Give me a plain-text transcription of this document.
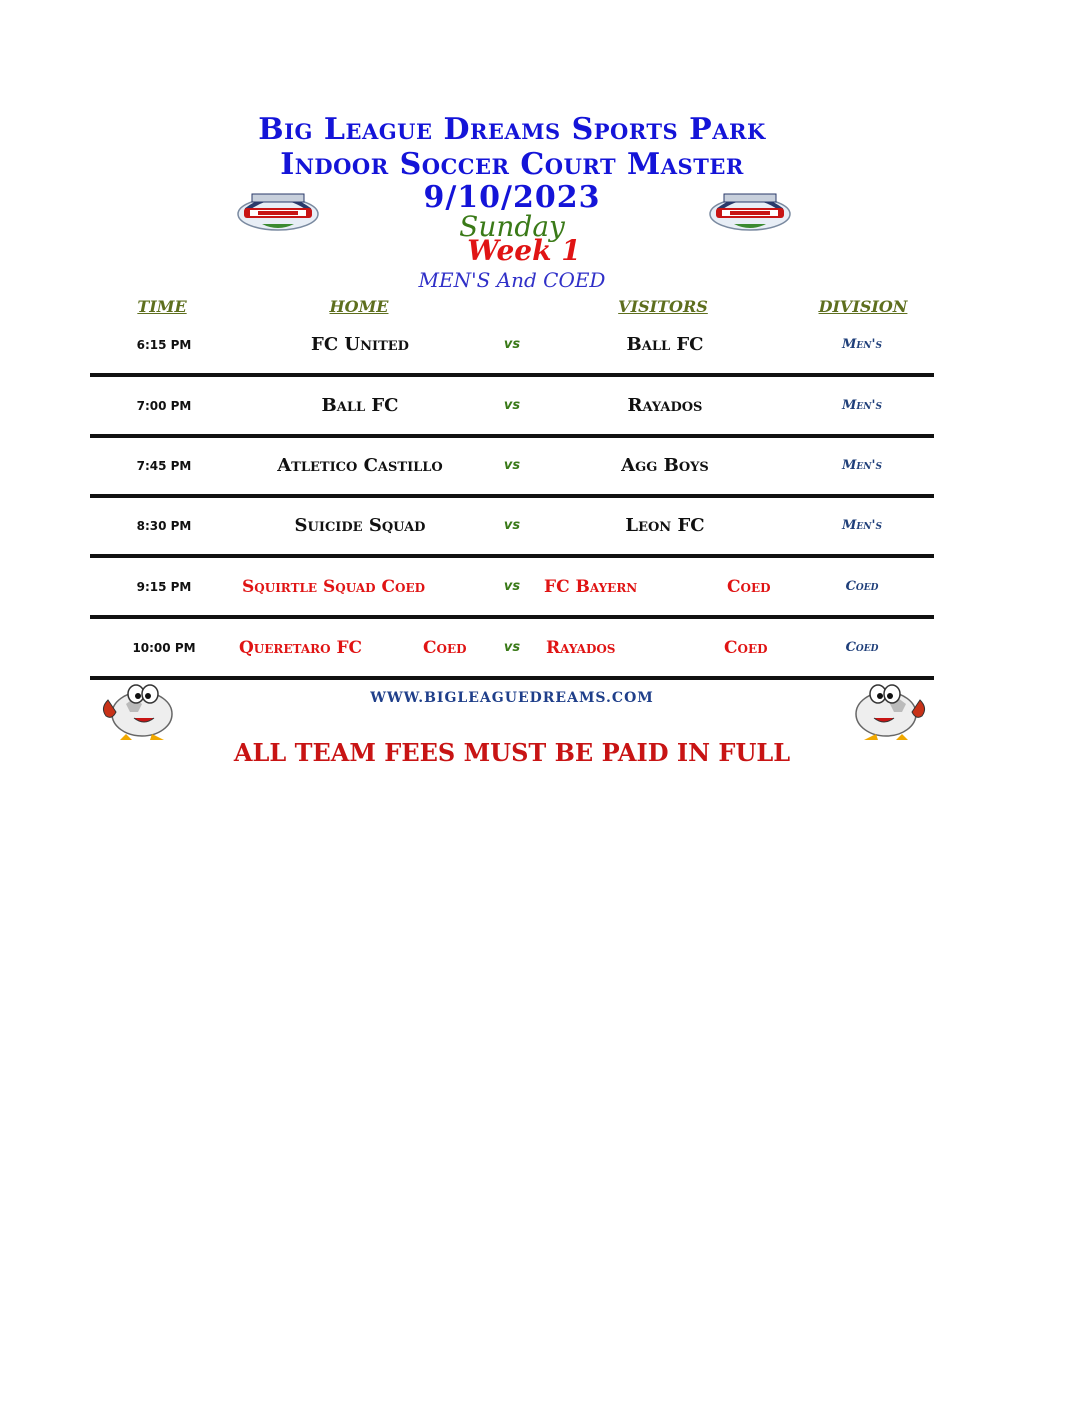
Big League Dreams Sports Park
Indoor Soccer Court Master
9/10/2023

Sunday

Week 1

MEN'S And COED

TIME	HOME	VISITORS	DIVISION

6:15 PM	FC United	vs	Ball FC	Men's

7:00 PM	Ball FC	vs	Rayados	Men's

7:45 PM	Atletico Castillo	vs	Agg Boys	Men's

8:30 PM	Suicide Squad	vs	Leon FC	Men's

9:15 PM	Squirtle Squad Coed	vs	FC Bayern	Coed	Coed

10:00 PM	Queretaro FC	Coed	vs	Rayados	Coed	Coed

WWW.BIGLEAGUEDREAMS.COM

ALL TEAM FEES MUST BE PAID IN FULL
